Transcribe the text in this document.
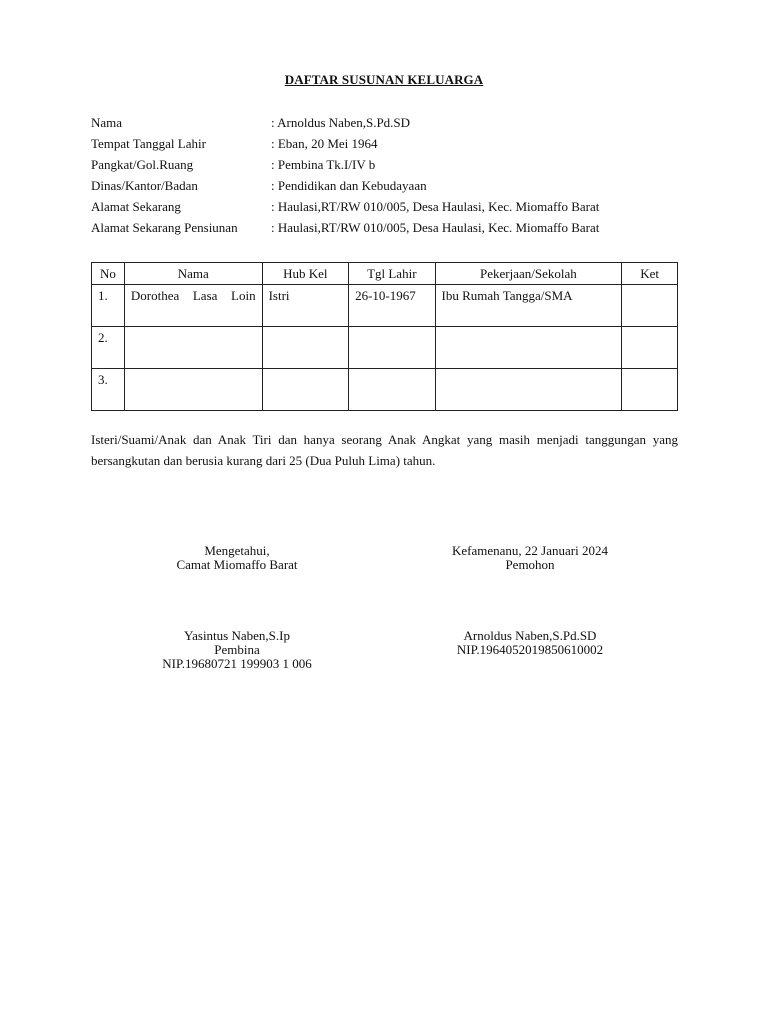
DAFTAR SUSUNAN KELUARGA
Nama	: Arnoldus Naben,S.Pd.SD
Tempat Tanggal Lahir	: Eban, 20 Mei 1964
Pangkat/Gol.Ruang	: Pembina Tk.I/IV b
Dinas/Kantor/Badan	: Pendidikan dan Kebudayaan
Alamat Sekarang	: Haulasi,RT/RW 010/005, Desa Haulasi, Kec. Miomaffo Barat
Alamat Sekarang Pensiunan	: Haulasi,RT/RW 010/005, Desa Haulasi, Kec. Miomaffo Barat
No	Nama	Hub Kel	Tgl Lahir	Pekerjaan/Sekolah	Ket
1.	Dorothea Lasa Loin	Istri	26-10-1967	Ibu Rumah Tangga/SMA	
2.					
3.					
Isteri/Suami/Anak dan Anak Tiri dan hanya seorang Anak Angkat yang masih menjadi tanggungan yang bersangkutan dan berusia kurang dari 25 (Dua Puluh Lima) tahun.
Mengetahui,
Camat Miomaffo Barat
Kefamenanu, 22 Januari 2024
Pemohon
Yasintus Naben,S.Ip
Pembina
NIP.19680721 199903 1 006
Arnoldus Naben,S.Pd.SD
NIP.196405201985061000​2
